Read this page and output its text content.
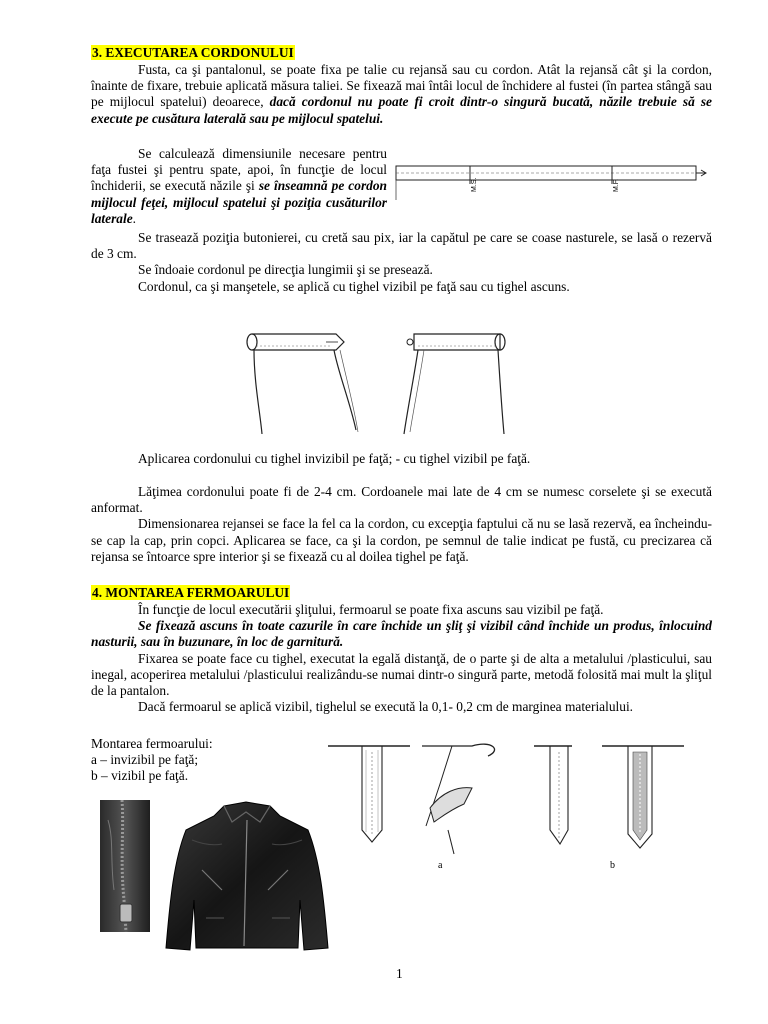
3. EXECUTAREA CORDONULUI
Fusta, ca şi pantalonul, se poate fixa pe talie cu rejansă sau cu cordon. Atât la rejansă cât şi la cordon, înainte de fixare, trebuie aplicată măsura taliei. Se fixează mai întâi locul de închidere al fustei (în partea stângă sau pe mijlocul spatelui) deoarece, dacă cordonul nu poate fi croit dintr-o singură bucată, năzile trebuie să se execute pe cusătura laterală sau pe mijlocul spatelui.
Se calculează dimensiunile necesare pentru faţa fustei şi pentru spate, apoi, în funcţie de locul închiderii, se execută năzile şi se înseamnă pe cordon mijlocul feţei, mijlocul spatelui şi poziţia cusăturilor laterale.
M.S.	M.F.

Se trasează poziţia butonierei, cu cretă sau pix, iar la capătul pe care se coase nasturele, se lasă o rezervă de 3 cm.

Se îndoaie cordonul pe direcţia lungimii şi se presează.

Cordonul, ca şi manşetele, se aplică cu tighel vizibil pe faţă sau cu tighel ascuns.

Aplicarea cordonului cu tighel invizibil pe faţă; - cu tighel vizibil pe faţă.

Lăţimea cordonului poate fi de 2-4 cm. Cordoanele mai late de 4 cm se numesc corselete şi se execută anformat.

Dimensionarea rejansei se face la fel ca la cordon, cu excepţia faptului că nu se lasă rezervă, ea încheindu-se cap la cap, prin copci. Aplicarea se face, ca şi la cordon, pe semnul de talie indicat pe fustă, cu precizarea că rejansa se întoarce spre interior şi se fixează cu al doilea tighel pe faţă.

4. MONTAREA FERMOARULUI

În funcţie de locul executării şliţului, fermoarul se poate fixa ascuns sau vizibil pe faţă.

Se fixează ascuns în toate cazurile în care închide un şliţ şi vizibil când închide un produs, înlocuind nasturii, sau în buzunare, în loc de garnitură.

Fixarea se poate face cu tighel, executat la egală distanţă, de o parte şi de alta a metalului /plasticului, sau inegal, acoperirea metalului /plasticului realizându-se numai dintr-o singură parte, metodă folosită mai mult la şliţul de la pantalon.

Dacă fermoarul se aplică vizibil, tighelul se execută la 0,1- 0,2 cm de marginea materialului.

Montarea fermoarului:

a – invizibil pe faţă;

b – vizibil pe faţă.

a	b
1
